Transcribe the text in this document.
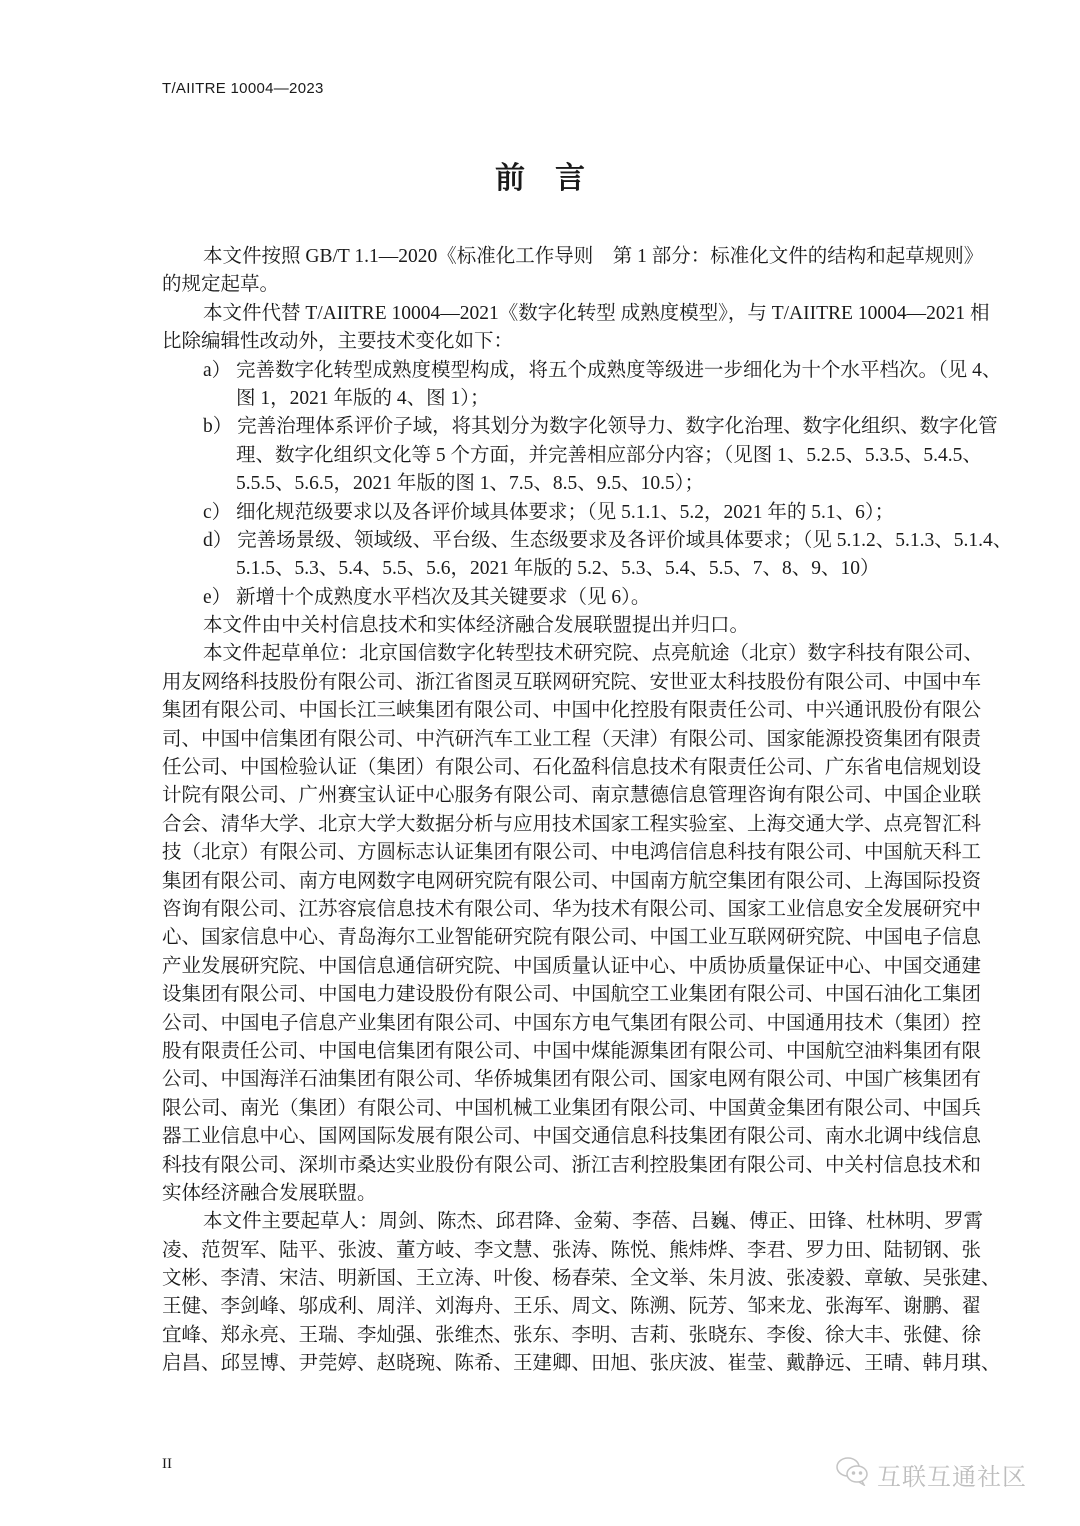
T/AIITRE 10004—2023
前　言
本文件按照 GB/T 1.1—2020《标准化工作导则　第 1 部分：标准化文件的结构和起草规则》
的规定起草。
本文件代替 T/AIITRE 10004—2021《数字化转型 成熟度模型》，与 T/AIITRE 10004—2021 相
比除编辑性改动外，主要技术变化如下：
a） 完善数字化转型成熟度模型构成，将五个成熟度等级进一步细化为十个水平档次。（见 4、
图 1，2021 年版的 4、图 1）；
b） 完善治理体系评价子域，将其划分为数字化领导力、数字化治理、数字化组织、数字化管
理、数字化组织文化等 5 个方面，并完善相应部分内容；（见图 1、5.2.5、5.3.5、5.4.5、
5.5.5、5.6.5，2021 年版的图 1、7.5、8.5、9.5、10.5）；
c） 细化规范级要求以及各评价域具体要求；（见 5.1.1、5.2，2021 年的 5.1、6）；
d） 完善场景级、领域级、平台级、生态级要求及各评价域具体要求；（见 5.1.2、5.1.3、5.1.4、
5.1.5、5.3、5.4、5.5、5.6，2021 年版的 5.2、5.3、5.4、5.5、7、8、9、10）
e） 新增十个成熟度水平档次及其关键要求（见 6）。
本文件由中关村信息技术和实体经济融合发展联盟提出并归口。
本文件起草单位：北京国信数字化转型技术研究院、点亮航途（北京）数字科技有限公司、
用友网络科技股份有限公司、浙江省图灵互联网研究院、安世亚太科技股份有限公司、中国中车
集团有限公司、中国长江三峡集团有限公司、中国中化控股有限责任公司、中兴通讯股份有限公
司、中国中信集团有限公司、中汽研汽车工业工程（天津）有限公司、国家能源投资集团有限责
任公司、中国检验认证（集团）有限公司、石化盈科信息技术有限责任公司、广东省电信规划设
计院有限公司、广州赛宝认证中心服务有限公司、南京慧德信息管理咨询有限公司、中国企业联
合会、清华大学、北京大学大数据分析与应用技术国家工程实验室、上海交通大学、点亮智汇科
技（北京）有限公司、方圆标志认证集团有限公司、中电鸿信信息科技有限公司、中国航天科工
集团有限公司、南方电网数字电网研究院有限公司、中国南方航空集团有限公司、上海国际投资
咨询有限公司、江苏容宸信息技术有限公司、华为技术有限公司、国家工业信息安全发展研究中
心、国家信息中心、青岛海尔工业智能研究院有限公司、中国工业互联网研究院、中国电子信息
产业发展研究院、中国信息通信研究院、中国质量认证中心、中质协质量保证中心、中国交通建
设集团有限公司、中国电力建设股份有限公司、中国航空工业集团有限公司、中国石油化工集团
公司、中国电子信息产业集团有限公司、中国东方电气集团有限公司、中国通用技术（集团）控
股有限责任公司、中国电信集团有限公司、中国中煤能源集团有限公司、中国航空油料集团有限
公司、中国海洋石油集团有限公司、华侨城集团有限公司、国家电网有限公司、中国广核集团有
限公司、南光（集团）有限公司、中国机械工业集团有限公司、中国黄金集团有限公司、中国兵
器工业信息中心、国网国际发展有限公司、中国交通信息科技集团有限公司、南水北调中线信息
科技有限公司、深圳市桑达实业股份有限公司、浙江吉利控股集团有限公司、中关村信息技术和
实体经济融合发展联盟。
本文件主要起草人：周剑、陈杰、邱君降、金菊、李蓓、吕巍、傅正、田锋、杜林明、罗霄
凌、范贺军、陆平、张波、董方岐、李文慧、张涛、陈悦、熊炜烨、李君、罗力田、陆韧钢、张
文彬、李清、宋洁、明新国、王立涛、叶俊、杨春荣、全文举、朱月波、张凌毅、章敏、吴张建、
王健、李剑峰、邬成利、周洋、刘海舟、王乐、周文、陈溯、阮芳、邹来龙、张海军、谢鹏、翟
宜峰、郑永亮、王瑞、李灿强、张维杰、张东、李明、吉莉、张晓东、李俊、徐大丰、张健、徐
启昌、邱昱博、尹莞婷、赵晓琬、陈希、王建卿、田旭、张庆波、崔莹、戴静远、王晴、韩月琪、
II	互联互通社区
